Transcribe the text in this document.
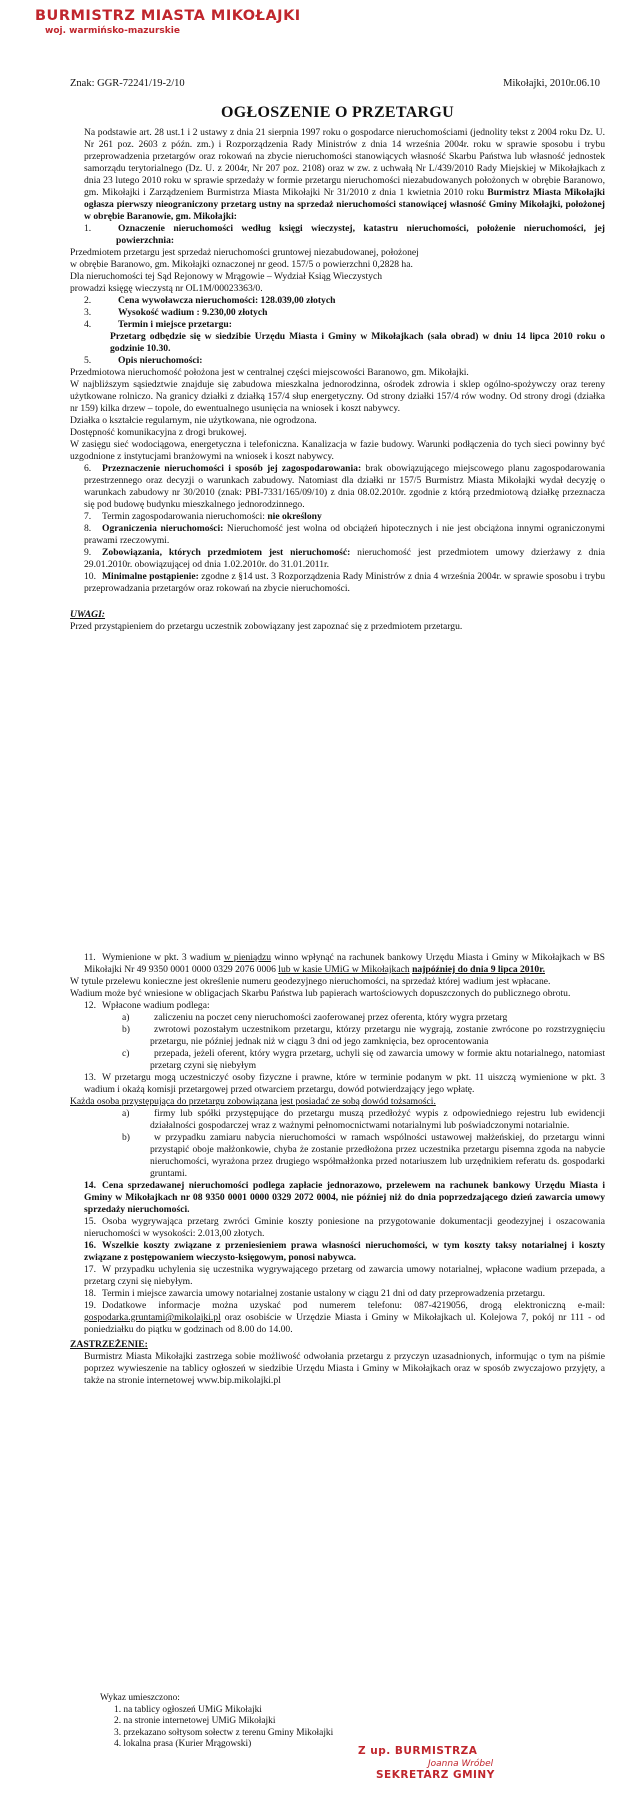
BURMISTRZ MIASTA MIKOŁAJKI
woj. warmińsko-mazurskie
Znak: GGR-72241/19-2/10	Mikołajki, 2010r.06.10
OGŁOSZENIE O PRZETARGU

Na podstawie art. 28 ust.1 i 2 ustawy z dnia 21 sierpnia 1997 roku o gospodarce nieruchomościami (jednolity tekst z 2004 roku Dz. U. Nr 261 poz. 2603 z późn. zm.) i Rozporządzenia Rady Ministrów z dnia 14 września 2004r. roku w sprawie sposobu i trybu przeprowadzenia przetargów oraz rokowań na zbycie nieruchomości stanowiących własność Skarbu Państwa lub własność jednostek samorządu terytorialnego (Dz. U. z 2004r, Nr 207 poz. 2108) oraz w zw. z uchwałą Nr L/439/2010 Rady Miejskiej w Mikołajkach z dnia 23 lutego 2010 roku w sprawie sprzedaży w formie przetargu nieruchomości niezabudowanych położonych w obrębie Baranowo, gm. Mikołajki i Zarządzeniem Burmistrza Miasta Mikołajki Nr 31/2010 z dnia 1 kwietnia 2010 roku Burmistrz Miasta Mikołajki ogłasza pierwszy nieograniczony przetarg ustny na sprzedaż nieruchomości stanowiącej własność Gminy Mikołajki, położonej w obrębie Baranowie, gm. Mikołajki:

1.	Oznaczenie nieruchomości według księgi wieczystej, katastru nieruchomości, położenie nieruchomości, jej powierzchnia:

Przedmiotem przetargu jest sprzedaż nieruchomości gruntowej niezabudowanej, położonej

w obrębie Baranowo, gm. Mikołajki oznaczonej nr geod. 157/5 o powierzchni 0,2828 ha.

Dla nieruchomości tej Sąd Rejonowy w Mrągowie – Wydział Ksiąg Wieczystych

prowadzi księgę wieczystą nr OL1M/00023363/0.

2.	Cena wywoławcza nieruchomości: 128.039,00 złotych

3.	Wysokość wadium : 9.230,00 złotych

4.	Termin i miejsce przetargu:

Przetarg odbędzie się w siedzibie Urzędu Miasta i Gminy w Mikołajkach (sala obrad) w dniu 14 lipca 2010 roku o godzinie 10.30.

5.	Opis nieruchomości:

Przedmiotowa nieruchomość położona jest w centralnej części miejscowości Baranowo, gm. Mikołajki.

W najbliższym sąsiedztwie znajduje się zabudowa mieszkalna jednorodzinna, ośrodek zdrowia i sklep ogólno-spożywczy oraz tereny użytkowane rolniczo. Na granicy działki z działką 157/4 słup energetyczny. Od strony działki 157/4 rów wodny. Od strony drogi (działka nr 159) kilka drzew – topole, do ewentualnego usunięcia na wniosek i koszt nabywcy.

Działka o kształcie regularnym, nie użytkowana, nie ogrodzona.

Dostępność komunikacyjna z drogi brukowej.

W zasięgu sieć wodociągowa, energetyczna i telefoniczna. Kanalizacja w fazie budowy. Warunki podłączenia do tych sieci powinny być uzgodnione z instytucjami branżowymi na wniosek i koszt nabywcy.

6. Przeznaczenie nieruchomości i sposób jej zagospodarowania: brak obowiązującego miejscowego planu zagospodarowania przestrzennego oraz decyzji o warunkach zabudowy. Natomiast dla działki nr 157/5 Burmistrz Miasta Mikołajki wydał decyzję o warunkach zabudowy nr 30/2010 (znak: PBI-7331/165/09/10) z dnia 08.02.2010r. zgodnie z którą przedmiotową działkę przeznacza się pod budowę budynku mieszkalnego jednorodzinnego.

7. Termin zagospodarowania nieruchomości: nie określony

8. Ograniczenia nieruchomości: Nieruchomość jest wolna od obciążeń hipotecznych i nie jest obciążona innymi ograniczonymi prawami rzeczowymi.

9. Zobowiązania, których przedmiotem jest nieruchomość: nieruchomość jest przedmiotem umowy dzierżawy z dnia 29.01.2010r. obowiązującej od dnia 1.02.2010r. do 31.01.2011r.

10. Minimalne postąpienie: zgodne z §14 ust. 3 Rozporządzenia Rady Ministrów z dnia 4 września 2004r. w sprawie sposobu i trybu przeprowadzania przetargów oraz rokowań na zbycie nieruchomości.

UWAGI:

Przed przystąpieniem do przetargu uczestnik zobowiązany jest zapoznać się z przedmiotem przetargu.

11. Wymienione w pkt. 3 wadium w pieniądzu winno wpłynąć na rachunek bankowy Urzędu Miasta i Gminy w Mikołajkach w BS Mikołajki Nr 49 9350 0001 0000 0329 2076 0006 lub w kasie UMiG w Mikołajkach najpóźniej do dnia 9 lipca 2010r.

W tytule przelewu konieczne jest określenie numeru geodezyjnego nieruchomości, na sprzedaż której wadium jest wpłacane.

Wadium może być wniesione w obligacjach Skarbu Państwa lub papierach wartościowych dopuszczonych do publicznego obrotu.

12. Wpłacone wadium podlega:

a)	zaliczeniu na poczet ceny nieruchomości zaoferowanej przez oferenta, który wygra przetarg

b)	zwrotowi pozostałym uczestnikom przetargu, którzy przetargu nie wygrają, zostanie zwrócone po rozstrzygnięciu przetargu, nie później jednak niż w ciągu 3 dni od jego zamknięcia, bez oprocentowania

c)	przepada, jeżeli oferent, który wygra przetarg, uchyli się od zawarcia umowy w formie aktu notarialnego, natomiast przetarg czyni się niebyłym

13. W przetargu mogą uczestniczyć osoby fizyczne i prawne, które w terminie podanym w pkt. 11 uiszczą wymienione w pkt. 3 wadium i okażą komisji przetargowej przed otwarciem przetargu, dowód potwierdzający jego wpłatę.

Każda osoba przystępująca do przetargu zobowiązana jest posiadać ze sobą dowód tożsamości.

a)	firmy lub spółki przystępujące do przetargu muszą przedłożyć wypis z odpowiedniego rejestru lub ewidencji działalności gospodarczej wraz z ważnymi pełnomocnictwami notarialnymi lub poświadczonymi notarialnie.

b)	w przypadku zamiaru nabycia nieruchomości w ramach wspólności ustawowej małżeńskiej, do przetargu winni przystąpić oboje małżonkowie, chyba że zostanie przedłożona przez uczestnika przetargu pisemna zgoda na nabycie nieruchomości, wyrażona przez drugiego współmałżonka przed notariuszem lub urzędnikiem referatu ds. gospodarki gruntami.

14. Cena sprzedawanej nieruchomości podlega zapłacie jednorazowo, przelewem na rachunek bankowy Urzędu Miasta i Gminy w Mikołajkach nr 08 9350 0001 0000 0329 2072 0004, nie później niż do dnia poprzedzającego dzień zawarcia umowy sprzedaży nieruchomości.

15. Osoba wygrywająca przetarg zwróci Gminie koszty poniesione na przygotowanie dokumentacji geodezyjnej i oszacowania nieruchomości w wysokości: 2.013,00 złotych.

16. Wszelkie koszty związane z przeniesieniem prawa własności nieruchomości, w tym koszty taksy notarialnej i koszty związane z postępowaniem wieczysto-księgowym, ponosi nabywca.

17. W przypadku uchylenia się uczestnika wygrywającego przetarg od zawarcia umowy notarialnej, wpłacone wadium przepada, a przetarg czyni się niebyłym.

18. Termin i miejsce zawarcia umowy notarialnej zostanie ustalony w ciągu 21 dni od daty przeprowadzenia przetargu.

19. Dodatkowe informacje można uzyskać pod numerem telefonu: 087-4219056, drogą elektroniczną e-mail: gospodarka.gruntami@mikolajki.pl oraz osobiście w Urzędzie Miasta i Gminy w Mikołajkach ul. Kolejowa 7, pokój nr 111 - od poniedziałku do piątku w godzinach od 8.00 do 14.00.

ZASTRZEŻENIE:

Burmistrz Miasta Mikołajki zastrzega sobie możliwość odwołania przetargu z przyczyn uzasadnionych, informując o tym na piśmie poprzez wywieszenie na tablicy ogłoszeń w siedzibie Urzędu Miasta i Gminy w Mikołajkach oraz w sposób zwyczajowo przyjęty, a także na stronie internetowej www.bip.mikolajki.pl

Wykaz umieszczono:
1. na tablicy ogłoszeń UMiG Mikołajki
2. na stronie internetowej UMiG Mikołajki
3. przekazano sołtysom sołectw z terenu Gminy Mikołajki
4. lokalna prasa (Kurier Mrągowski)
Z up. BURMISTRZA
Joanna Wróbel
SEKRETARZ GMINY
